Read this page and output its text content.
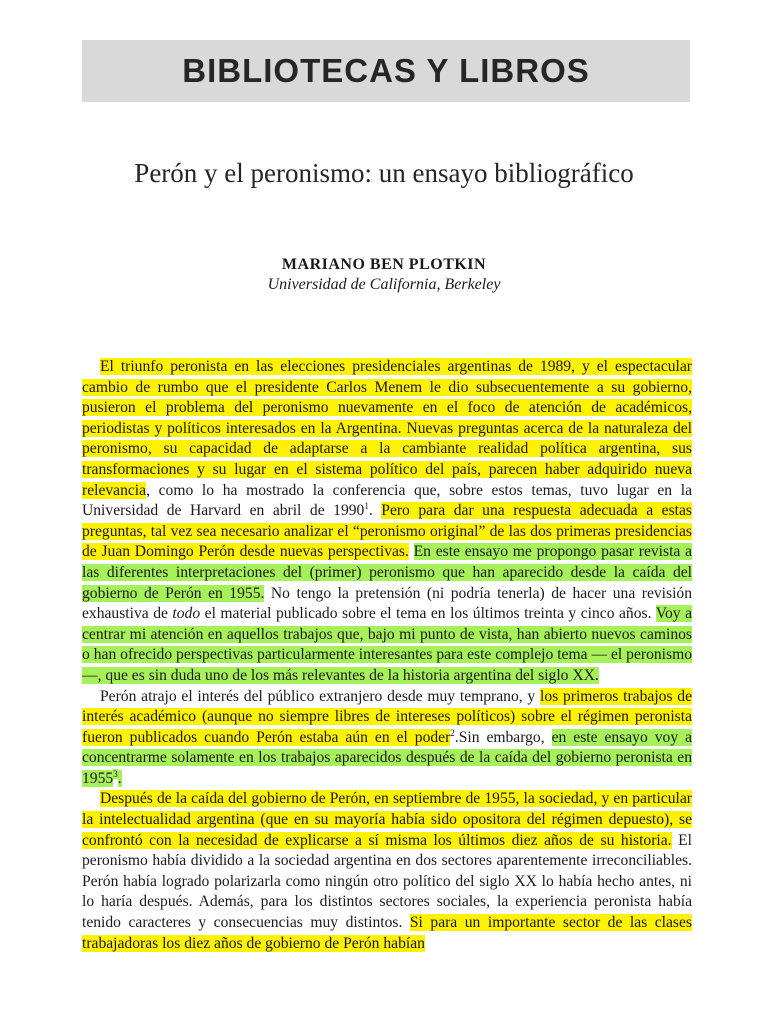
BIBLIOTECAS Y LIBROS
Perón y el peronismo: un ensayo bibliográfico
MARIANO BEN PLOTKIN
Universidad de California, Berkeley

El triunfo peronista en las elecciones presidenciales argentinas de 1989, y el espectacular cambio de rumbo que el presidente Carlos Menem le dio subsecuentemente a su gobierno, pusieron el problema del peronismo nuevamente en el foco de atención de académicos, periodistas y políticos interesados en la Argentina. Nuevas preguntas acerca de la naturaleza del peronismo, su capacidad de adaptarse a la cambiante realidad política argentina, sus transformaciones y su lugar en el sistema político del país, parecen haber adquirido nueva relevancia, como lo ha mostrado la conferencia que, sobre estos temas, tuvo lugar en la Universidad de Harvard en abril de 1990$^1$. Pero para dar una respuesta adecuada a estas preguntas, tal vez sea necesario analizar el “peronismo original” de las dos primeras presidencias de Juan Domingo Perón desde nuevas perspectivas. En este ensayo me propongo pasar revista a las diferentes interpretaciones del (primer) peronismo que han aparecido desde la caída del gobierno de Perón en 1955. No tengo la pretensión (ni podría tenerla) de hacer una revisión exhaustiva de todo el material publicado sobre el tema en los últimos treinta y cinco años. Voy a centrar mi atención en aquellos trabajos que, bajo mi punto de vista, han abierto nuevos caminos o han ofrecido perspectivas particularmente interesantes para este complejo tema — el peronismo —, que es sin duda uno de los más relevantes de la historia argentina del siglo XX.

Perón atrajo el interés del público extranjero desde muy temprano, y los primeros trabajos de interés académico (aunque no siempre libres de intereses políticos) sobre el régimen peronista fueron publicados cuando Perón estaba aún en el poder$^2$.Sin embargo, en este ensayo voy a concentrarme solamente en los trabajos aparecidos después de la caída del gobierno peronista en 1955$^3$.

Después de la caída del gobierno de Perón, en septiembre de 1955, la sociedad, y en particular la intelectualidad argentina (que en su mayoría había sido opositora del régimen depuesto), se confrontó con la necesidad de explicarse a sí misma los últimos diez años de su historia. El peronismo había dividido a la sociedad argentina en dos sectores aparentemente irreconciliables. Perón había logrado polarizarla como ningún otro político del siglo XX lo había hecho antes, ni lo haría después. Además, para los distintos sectores sociales, la experiencia peronista había tenido caracteres y consecuencias muy distintos. Si para un importante sector de las clases trabajadoras los diez años de gobierno de Perón habían
